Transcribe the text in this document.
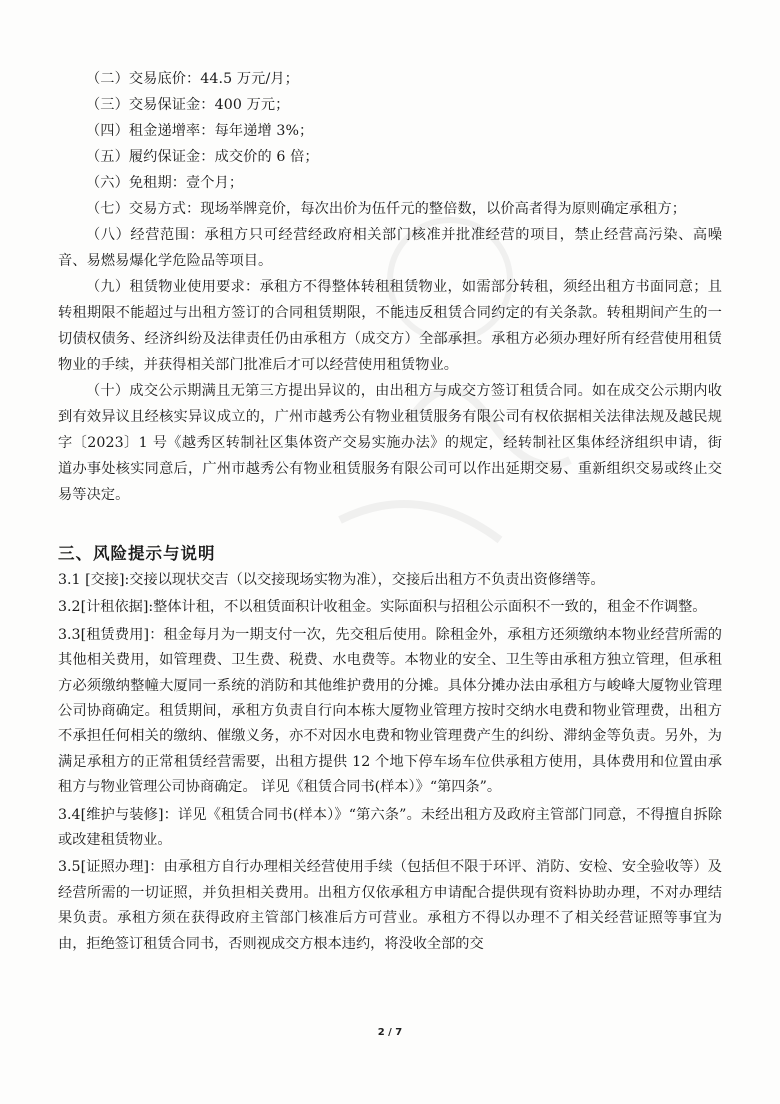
（二）交易底价：44.5 万元/月；

（三）交易保证金：400 万元；

（四）租金递增率：每年递增 3%；

（五）履约保证金：成交价的 6 倍；

（六）免租期：壹个月；

（七）交易方式：现场举牌竞价，每次出价为伍仟元的整倍数，以价高者得为原则确定承租方；

（八）经营范围：承租方只可经营经政府相关部门核准并批准经营的项目，禁止经营高污染、高噪音、易燃易爆化学危险品等项目。

（九）租赁物业使用要求：承租方不得整体转租租赁物业，如需部分转租，须经出租方书面同意；且转租期限不能超过与出租方签订的合同租赁期限，不能违反租赁合同约定的有关条款。转租期间产生的一切债权债务、经济纠纷及法律责任仍由承租方（成交方）全部承担。承租方必须办理好所有经营使用租赁物业的手续，并获得相关部门批准后才可以经营使用租赁物业。

（十）成交公示期满且无第三方提出异议的，由出租方与成交方签订租赁合同。如在成交公示期内收到有效异议且经核实异议成立的，广州市越秀公有物业租赁服务有限公司有权依据相关法律法规及越民规字〔2023〕1 号《越秀区转制社区集体资产交易实施办法》的规定，经转制社区集体经济组织申请，街道办事处核实同意后，广州市越秀公有物业租赁服务有限公司可以作出延期交易、重新组织交易或终止交易等决定。

三、风险提示与说明

3.1 [交接]:交接以现状交吉（以交接现场实物为准），交接后出租方不负责出资修缮等。

3.2[计租依据]:整体计租，不以租赁面积计收租金。实际面积与招租公示面积不一致的，租金不作调整。

3.3[租赁费用]：租金每月为一期支付一次，先交租后使用。除租金外，承租方还须缴纳本物业经营所需的其他相关费用，如管理费、卫生费、税费、水电费等。本物业的安全、卫生等由承租方独立管理，但承租方必须缴纳整幢大厦同一系统的消防和其他维护费用的分摊。具体分摊办法由承租方与峻峰大厦物业管理公司协商确定。租赁期间，承租方负责自行向本栋大厦物业管理方按时交纳水电费和物业管理费，出租方不承担任何相关的缴纳、催缴义务，亦不对因水电费和物业管理费产生的纠纷、滞纳金等负责。另外，为满足承租方的正常租赁经营需要，出租方提供 12 个地下停车场车位供承租方使用，具体费用和位置由承租方与物业管理公司协商确定。 详见《租赁合同书(样本）》“第四条”。

3.4[维护与装修]：详见《租赁合同书(样本）》“第六条”。未经出租方及政府主管部门同意，不得擅自拆除或改建租赁物业。

3.5[证照办理]：由承租方自行办理相关经营使用手续（包括但不限于环评、消防、安检、安全验收等）及经营所需的一切证照，并负担相关费用。出租方仅依承租方申请配合提供现有资料协助办理，不对办理结果负责。承租方须在获得政府主管部门核准后方可营业。承租方不得以办理不了相关经营证照等事宜为由，拒绝签订租赁合同书，否则视成交方根本违约，将没收全部的交

2 / 7
